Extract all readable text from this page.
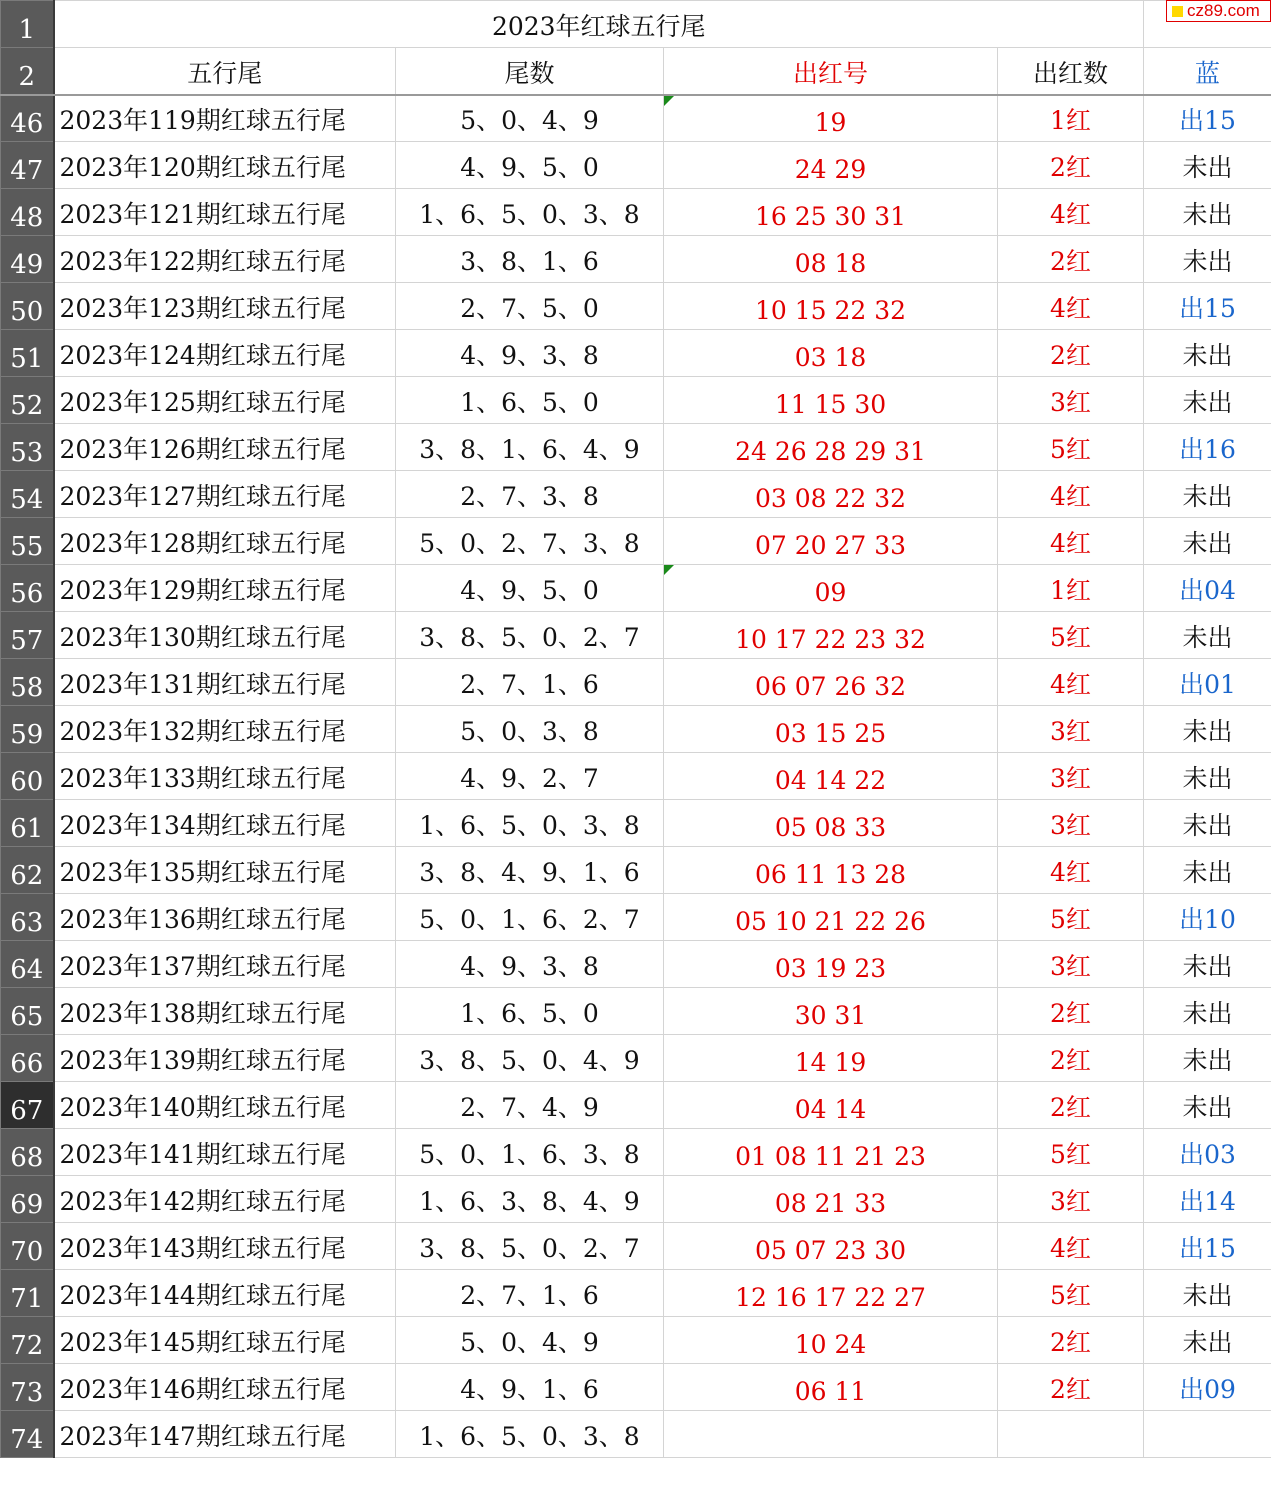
1	2023年红球五行尾				
2	五行尾	尾数	出红号	出红数	蓝
46	2023年119期红球五行尾	5、0、4、9	19	1红	出15
47	2023年120期红球五行尾	4、9、5、0	24 29	2红	未出
48	2023年121期红球五行尾	1、6、5、0、3、8	16 25 30 31	4红	未出
49	2023年122期红球五行尾	3、8、1、6	08 18	2红	未出
50	2023年123期红球五行尾	2、7、5、0	10 15 22 32	4红	出15
51	2023年124期红球五行尾	4、9、3、8	03 18	2红	未出
52	2023年125期红球五行尾	1、6、5、0	11 15 30	3红	未出
53	2023年126期红球五行尾	3、8、1、6、4、9	24 26 28 29 31	5红	出16
54	2023年127期红球五行尾	2、7、3、8	03 08 22 32	4红	未出
55	2023年128期红球五行尾	5、0、2、7、3、8	07 20 27 33	4红	未出
56	2023年129期红球五行尾	4、9、5、0	09	1红	出04
57	2023年130期红球五行尾	3、8、5、0、2、7	10 17 22 23 32	5红	未出
58	2023年131期红球五行尾	2、7、1、6	06 07 26 32	4红	出01
59	2023年132期红球五行尾	5、0、3、8	03 15 25	3红	未出
60	2023年133期红球五行尾	4、9、2、7	04 14 22	3红	未出
61	2023年134期红球五行尾	1、6、5、0、3、8	05 08 33	3红	未出
62	2023年135期红球五行尾	3、8、4、9、1、6	06 11 13 28	4红	未出
63	2023年136期红球五行尾	5、0、1、6、2、7	05 10 21 22 26	5红	出10
64	2023年137期红球五行尾	4、9、3、8	03 19 23	3红	未出
65	2023年138期红球五行尾	1、6、5、0	30 31	2红	未出
66	2023年139期红球五行尾	3、8、5、0、4、9	14 19	2红	未出
67	2023年140期红球五行尾	2、7、4、9	04 14	2红	未出
68	2023年141期红球五行尾	5、0、1、6、3、8	01 08 11 21 23	5红	出03
69	2023年142期红球五行尾	1、6、3、8、4、9	08 21 33	3红	出14
70	2023年143期红球五行尾	3、8、5、0、2、7	05 07 23 30	4红	出15
71	2023年144期红球五行尾	2、7、1、6	12 16 17 22 27	5红	未出
72	2023年145期红球五行尾	5、0、4、9	10 24	2红	未出
73	2023年146期红球五行尾	4、9、1、6	06 11	2红	出09
74	2023年147期红球五行尾	1、6、5、0、3、8			
cz89.com
